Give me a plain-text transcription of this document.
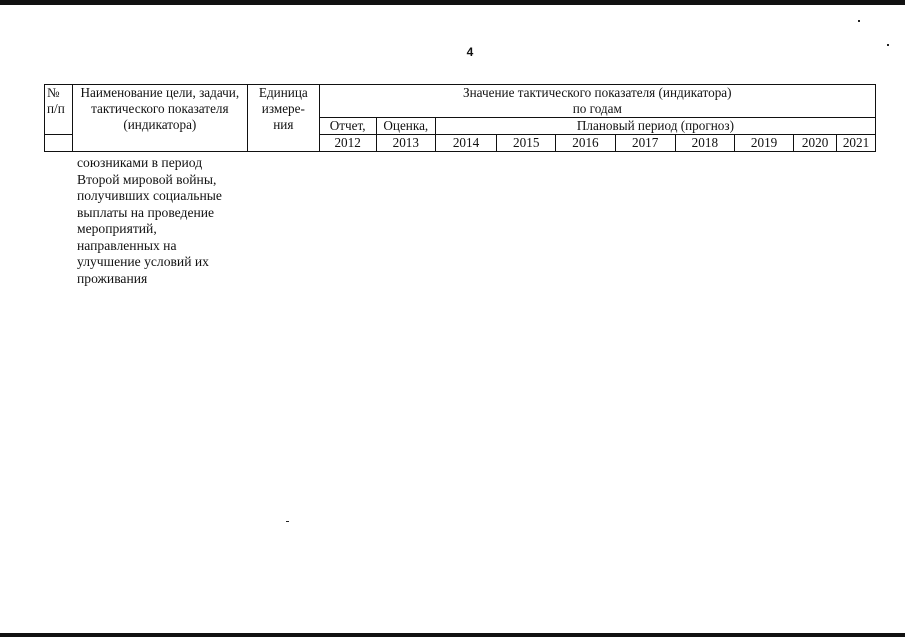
4
№ п/п	Наименование цели, задачи, тактического показателя (индикатора)	Единица измере- ния	Значение тактического показателя (индикатора)
по годам									
			Отчет,	Оценка,	Плановый период (прогноз)							
			2012	2013	2014	2015	2016	2017	2018	2019	2020	2021
союзниками в период
Второй мировой войны,
получивших социальные
выплаты на проведение
мероприятий,
направленных на
улучшение условий их
проживания
